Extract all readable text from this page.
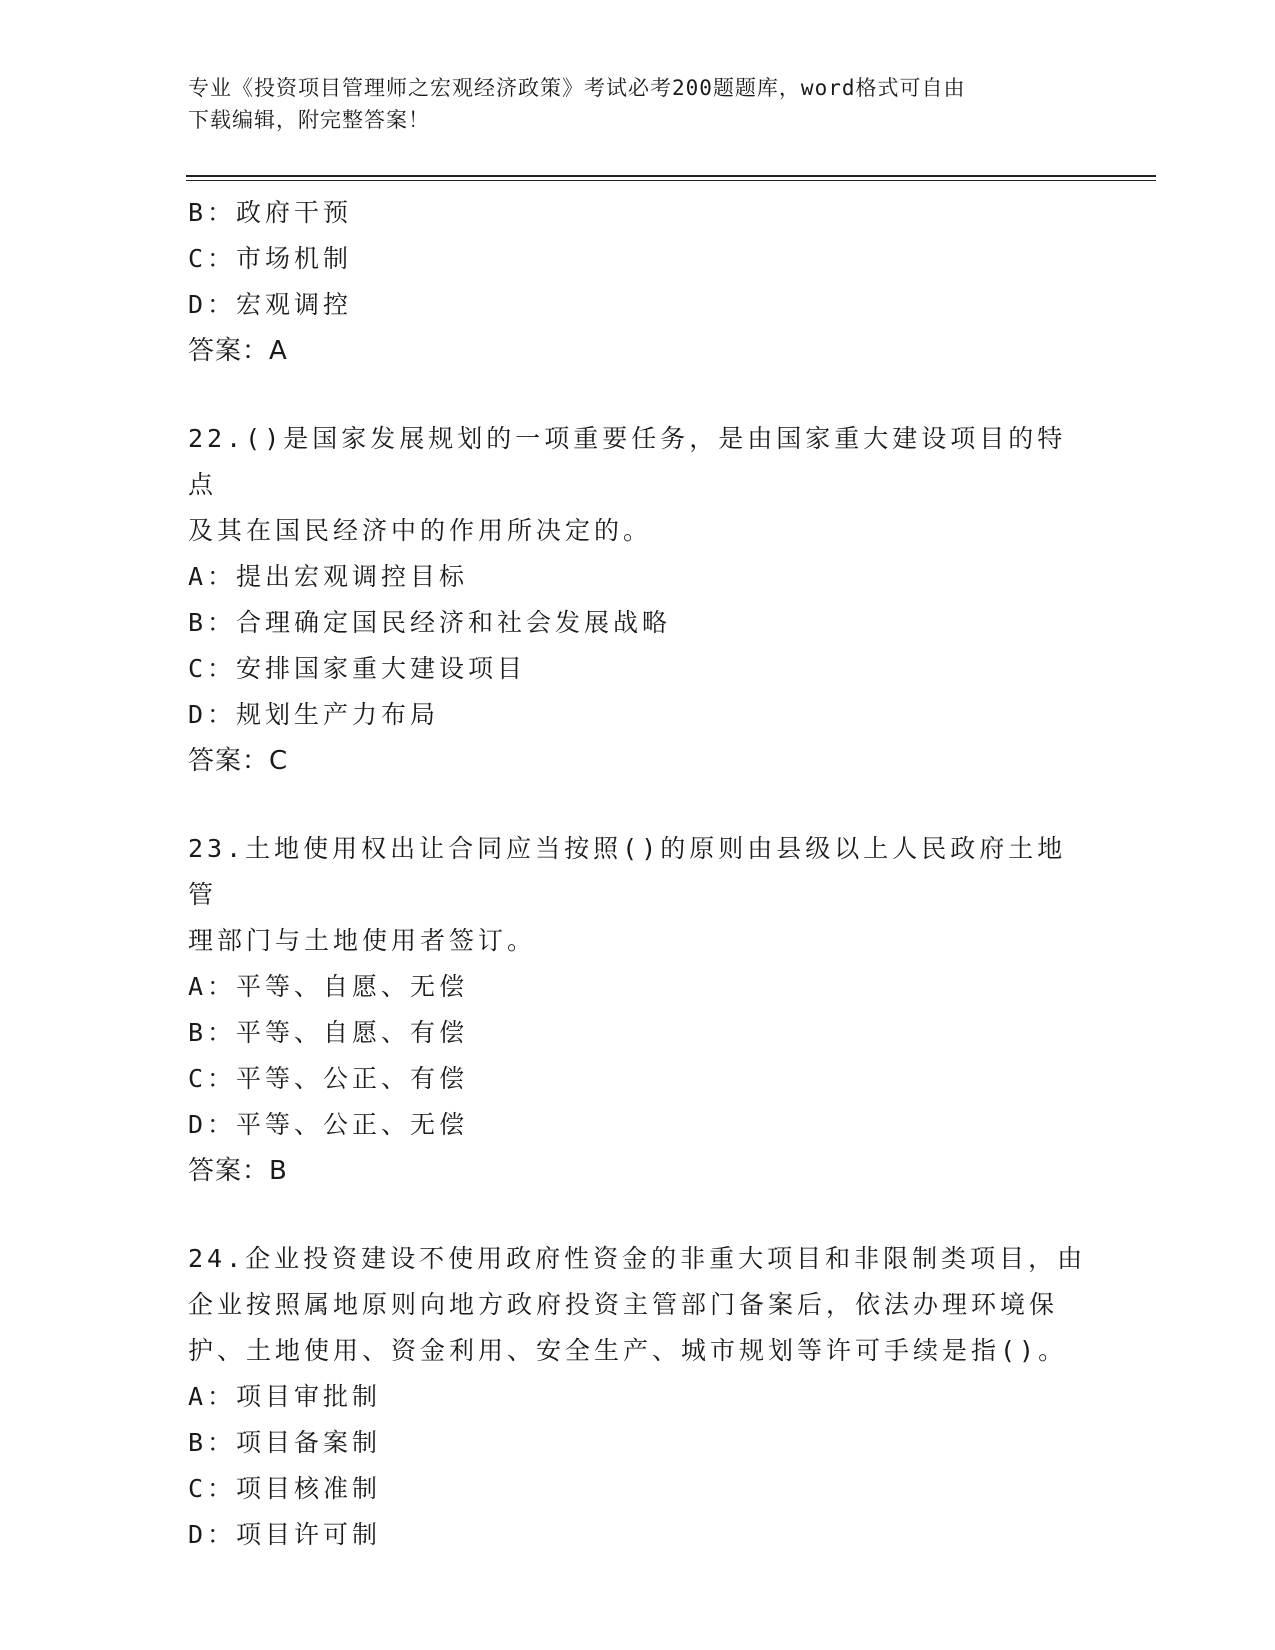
专业《投资项目管理师之宏观经济政策》考试必考200题题库，word格式可自由
下载编辑，附完整答案！
B：政府干预
C：市场机制
D：宏观调控
答案：A
22.()是国家发展规划的一项重要任务，是由国家重大建设项目的特点
及其在国民经济中的作用所决定的。
A：提出宏观调控目标
B：合理确定国民经济和社会发展战略
C：安排国家重大建设项目
D：规划生产力布局
答案：C
23.土地使用权出让合同应当按照()的原则由县级以上人民政府土地管
理部门与土地使用者签订。
A：平等、自愿、无偿
B：平等、自愿、有偿
C：平等、公正、有偿
D：平等、公正、无偿
答案：B
24.企业投资建设不使用政府性资金的非重大项目和非限制类项目，由
企业按照属地原则向地方政府投资主管部门备案后，依法办理环境保
护、土地使用、资金利用、安全生产、城市规划等许可手续是指()。
A：项目审批制
B：项目备案制
C：项目核准制
D：项目许可制
